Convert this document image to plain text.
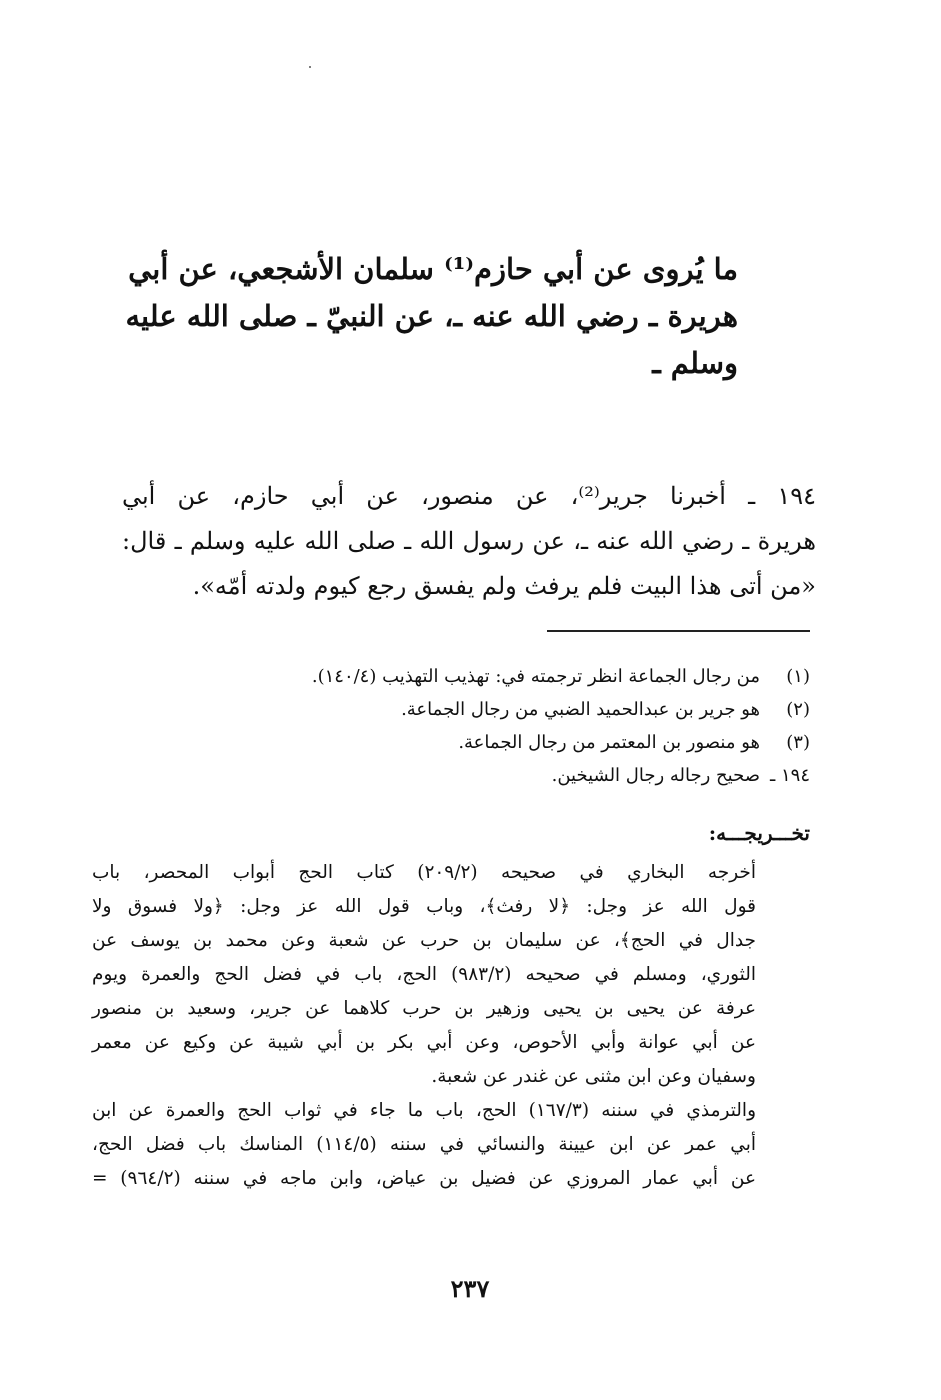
ما يُروى عن أبي حازم⁽¹⁾ سلمان الأشجعي، عن أبي
هريرة ـ رضي الله عنه ـ، عن النبيّ ـ صلى الله عليه
وسلم ـ
١٩٤ ـ أخبرنا جرير⁽²⁾، عن منصور، عن أبي حازم، عن أبي
هريرة ـ رضي الله عنه ـ، عن رسول الله ـ صلى الله عليه وسلم ـ قال:
«من أتى هذا البيت فلم يرفث ولم يفسق رجع كيوم ولدته أمّه».
(١)من رجال الجماعة انظر ترجمته في: تهذيب التهذيب (١٤٠/٤).
(٢)هو جرير بن عبدالحميد الضبي من رجال الجماعة.
(٣)هو منصور بن المعتمر من رجال الجماعة.
١٩٤ ـصحيح رجاله رجال الشيخين.
تخـــريجـــه:
أخرجه البخاري في صحيحه (٢٠٩/٢) كتاب الحج أبواب المحصر، باب
قول الله عز وجل: ﴿لا رفث﴾، وباب قول الله عز وجل: ﴿ولا فسوق ولا
جدال في الحج﴾، عن سليمان بن حرب عن شعبة وعن محمد بن يوسف عن
الثوري، ومسلم في صحيحه (٩٨٣/٢) الحج، باب في فضل الحج والعمرة ويوم
عرفة عن يحيى بن يحيى وزهير بن حرب كلاهما عن جرير، وسعيد بن منصور
عن أبي عوانة وأبي الأحوص، وعن أبي بكر بن أبي شيبة عن وكيع عن معمر
وسفيان وعن ابن مثنى عن غندر عن شعبة.
والترمذي في سننه (١٦٧/٣) الحج، باب ما جاء في ثواب الحج والعمرة عن ابن
أبي عمر عن ابن عيينة والنسائي في سننه (١١٤/٥) المناسك باب فضل الحج،
عن أبي عمار المروزي عن فضيل بن عياض، وابن ماجه في سننه (٩٦٤/٢) =
٢٣٧
